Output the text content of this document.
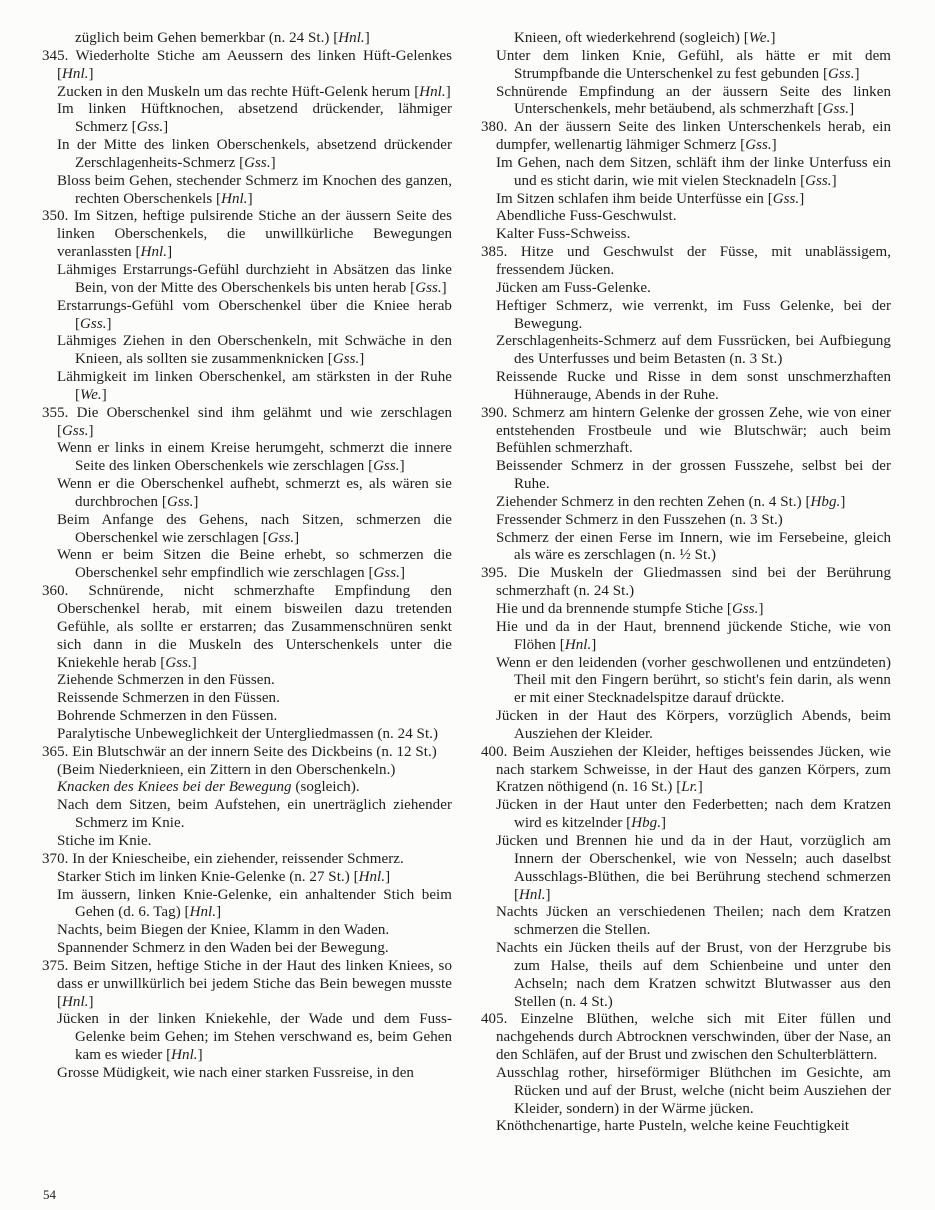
züglich beim Gehen bemerkbar (n. 24 St.) [Hnl.]

345. Wiederholte Stiche am Aeussern des linken Hüft-Gelenkes [Hnl.]

Zucken in den Muskeln um das rechte Hüft-Gelenk herum [Hnl.]

Im linken Hüftknochen, absetzend drückender, lähmiger Schmerz [Gss.]

In der Mitte des linken Oberschenkels, absetzend drückender Zerschlagenheits-Schmerz [Gss.]

Bloss beim Gehen, stechender Schmerz im Knochen des ganzen, rechten Oberschenkels [Hnl.]

350. Im Sitzen, heftige pulsirende Stiche an der äussern Seite des linken Oberschenkels, die unwillkürliche Bewegungen veranlassten [Hnl.]

Lähmiges Erstarrungs-Gefühl durchzieht in Absätzen das linke Bein, von der Mitte des Oberschenkels bis unten herab [Gss.]

Erstarrungs-Gefühl vom Oberschenkel über die Kniee herab [Gss.]

Lähmiges Ziehen in den Oberschenkeln, mit Schwäche in den Knieen, als sollten sie zusammenknicken [Gss.]

Lähmigkeit im linken Oberschenkel, am stärksten in der Ruhe [We.]

355. Die Oberschenkel sind ihm gelähmt und wie zerschlagen [Gss.]

Wenn er links in einem Kreise herumgeht, schmerzt die innere Seite des linken Oberschenkels wie zerschlagen [Gss.]

Wenn er die Oberschenkel aufhebt, schmerzt es, als wären sie durchbrochen [Gss.]

Beim Anfange des Gehens, nach Sitzen, schmerzen die Oberschenkel wie zerschlagen [Gss.]

Wenn er beim Sitzen die Beine erhebt, so schmerzen die Oberschenkel sehr empfindlich wie zerschlagen [Gss.]

360. Schnürende, nicht schmerzhafte Empfindung den Oberschenkel herab, mit einem bisweilen dazu tretenden Gefühle, als sollte er erstarren; das Zusammenschnüren senkt sich dann in die Muskeln des Unterschenkels unter die Kniekehle herab [Gss.]

Ziehende Schmerzen in den Füssen.

Reissende Schmerzen in den Füssen.

Bohrende Schmerzen in den Füssen.

Paralytische Unbeweglichkeit der Untergliedmassen (n. 24 St.)

365. Ein Blutschwär an der innern Seite des Dickbeins (n. 12 St.)

(Beim Niederknieen, ein Zittern in den Oberschenkeln.)

Knacken des Kniees bei der Bewegung (sogleich).

Nach dem Sitzen, beim Aufstehen, ein unerträglich ziehender Schmerz im Knie.

Stiche im Knie.

370. In der Kniescheibe, ein ziehender, reissender Schmerz.

Starker Stich im linken Knie-Gelenke (n. 27 St.) [Hnl.]

Im äussern, linken Knie-Gelenke, ein anhaltender Stich beim Gehen (d. 6. Tag) [Hnl.]

Nachts, beim Biegen der Kniee, Klamm in den Waden.

Spannender Schmerz in den Waden bei der Bewegung.

375. Beim Sitzen, heftige Stiche in der Haut des linken Kniees, so dass er unwillkürlich bei jedem Stiche das Bein bewegen musste [Hnl.]

Jücken in der linken Kniekehle, der Wade und dem Fuss-Gelenke beim Gehen; im Stehen verschwand es, beim Gehen kam es wieder [Hnl.]

Grosse Müdigkeit, wie nach einer starken Fussreise, in den

Knieen, oft wiederkehrend (sogleich) [We.]

Unter dem linken Knie, Gefühl, als hätte er mit dem Strumpfbande die Unterschenkel zu fest gebunden [Gss.]

Schnürende Empfindung an der äussern Seite des linken Unterschenkels, mehr betäubend, als schmerzhaft [Gss.]

380. An der äussern Seite des linken Unterschenkels herab, ein dumpfer, wellenartig lähmiger Schmerz [Gss.]

Im Gehen, nach dem Sitzen, schläft ihm der linke Unterfuss ein und es sticht darin, wie mit vielen Stecknadeln [Gss.]

Im Sitzen schlafen ihm beide Unterfüsse ein [Gss.]

Abendliche Fuss-Geschwulst.

Kalter Fuss-Schweiss.

385. Hitze und Geschwulst der Füsse, mit unablässigem, fressendem Jücken.

Jücken am Fuss-Gelenke.

Heftiger Schmerz, wie verrenkt, im Fuss Gelenke, bei der Bewegung.

Zerschlagenheits-Schmerz auf dem Fussrücken, bei Aufbiegung des Unterfusses und beim Betasten (n. 3 St.)

Reissende Rucke und Risse in dem sonst unschmerzhaften Hühnerauge, Abends in der Ruhe.

390. Schmerz am hintern Gelenke der grossen Zehe, wie von einer entstehenden Frostbeule und wie Blutschwär; auch beim Befühlen schmerzhaft.

Beissender Schmerz in der grossen Fusszehe, selbst bei der Ruhe.

Ziehender Schmerz in den rechten Zehen (n. 4 St.) [Hbg.]

Fressender Schmerz in den Fusszehen (n. 3 St.)

Schmerz der einen Ferse im Innern, wie im Fersebeine, gleich als wäre es zerschlagen (n. ½ St.)

395. Die Muskeln der Gliedmassen sind bei der Berührung schmerzhaft (n. 24 St.)

Hie und da brennende stumpfe Stiche [Gss.]

Hie und da in der Haut, brennend jückende Stiche, wie von Flöhen [Hnl.]

Wenn er den leidenden (vorher geschwollenen und entzündeten) Theil mit den Fingern berührt, so sticht's fein darin, als wenn er mit einer Stecknadelspitze darauf drückte.

Jücken in der Haut des Körpers, vorzüglich Abends, beim Ausziehen der Kleider.

400. Beim Ausziehen der Kleider, heftiges beissendes Jücken, wie nach starkem Schweisse, in der Haut des ganzen Körpers, zum Kratzen nöthigend (n. 16 St.) [Lr.]

Jücken in der Haut unter den Federbetten; nach dem Kratzen wird es kitzelnder [Hbg.]

Jücken und Brennen hie und da in der Haut, vorzüglich am Innern der Oberschenkel, wie von Nesseln; auch daselbst Ausschlags-Blüthen, die bei Berührung stechend schmerzen [Hnl.]

Nachts Jücken an verschiedenen Theilen; nach dem Kratzen schmerzen die Stellen.

Nachts ein Jücken theils auf der Brust, von der Herzgrube bis zum Halse, theils auf dem Schienbeine und unter den Achseln; nach dem Kratzen schwitzt Blutwasser aus den Stellen (n. 4 St.)

405. Einzelne Blüthen, welche sich mit Eiter füllen und nachgehends durch Abtrocknen verschwinden, über der Nase, an den Schläfen, auf der Brust und zwischen den Schulterblättern.

Ausschlag rother, hirseförmiger Blüthchen im Gesichte, am Rücken und auf der Brust, welche (nicht beim Ausziehen der Kleider, sondern) in der Wärme jücken.

Knöthchenartige, harte Pusteln, welche keine Feuchtigkeit

54
